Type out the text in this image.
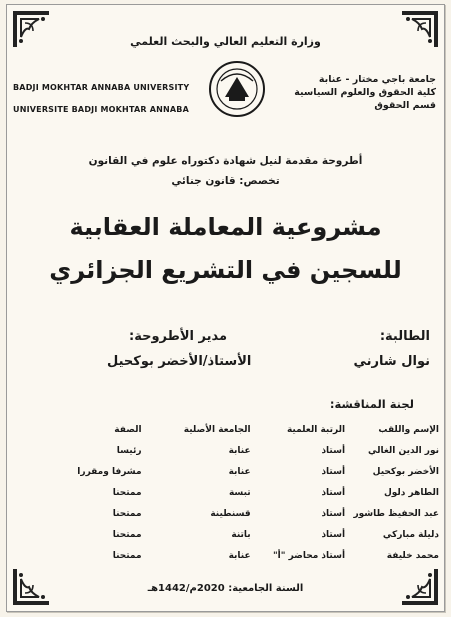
وزارة التعليم العالي والبحث العلمي
جامعة باجي مختار - عنابة
كلية الحقوق والعلوم السياسية
قسم الحقوق
BADJI MOKHTAR ANNABA UNIVERSITY
UNIVERSITE BADJI MOKHTAR ANNABA
أطروحة مقدمة لنيل شهادة دكتوراه علوم في القانون
تخصص: قانون جنائي
مشروعية المعاملة العقابية
للسجين في التشريع الجزائري
الطالبة:
نوال شارني
مدير الأطروحة:
الأستاذ/الأخضر بوكحيل
لجنة المناقشة:
الإسم واللقب	الرتبة العلمية	الجامعة الأصلية	الصفة
نور الدين الغالي	أستاذ	عنابة	رئيسا
الأخضر بوكحيل	أستاذ	عنابة	مشرفا ومقررا
الطاهر دلول	أستاذ	تبسة	ممتحنا
عبد الحفيظ طاشور	أستاذ	قسنطينة	ممتحنا
دليلة مباركي	أستاذ	باتنة	ممتحنا
محمد خليفة	أستاذ محاضر "أ"	عنابة	ممتحنا
السنة الجامعية: 2020م/1442هـ
